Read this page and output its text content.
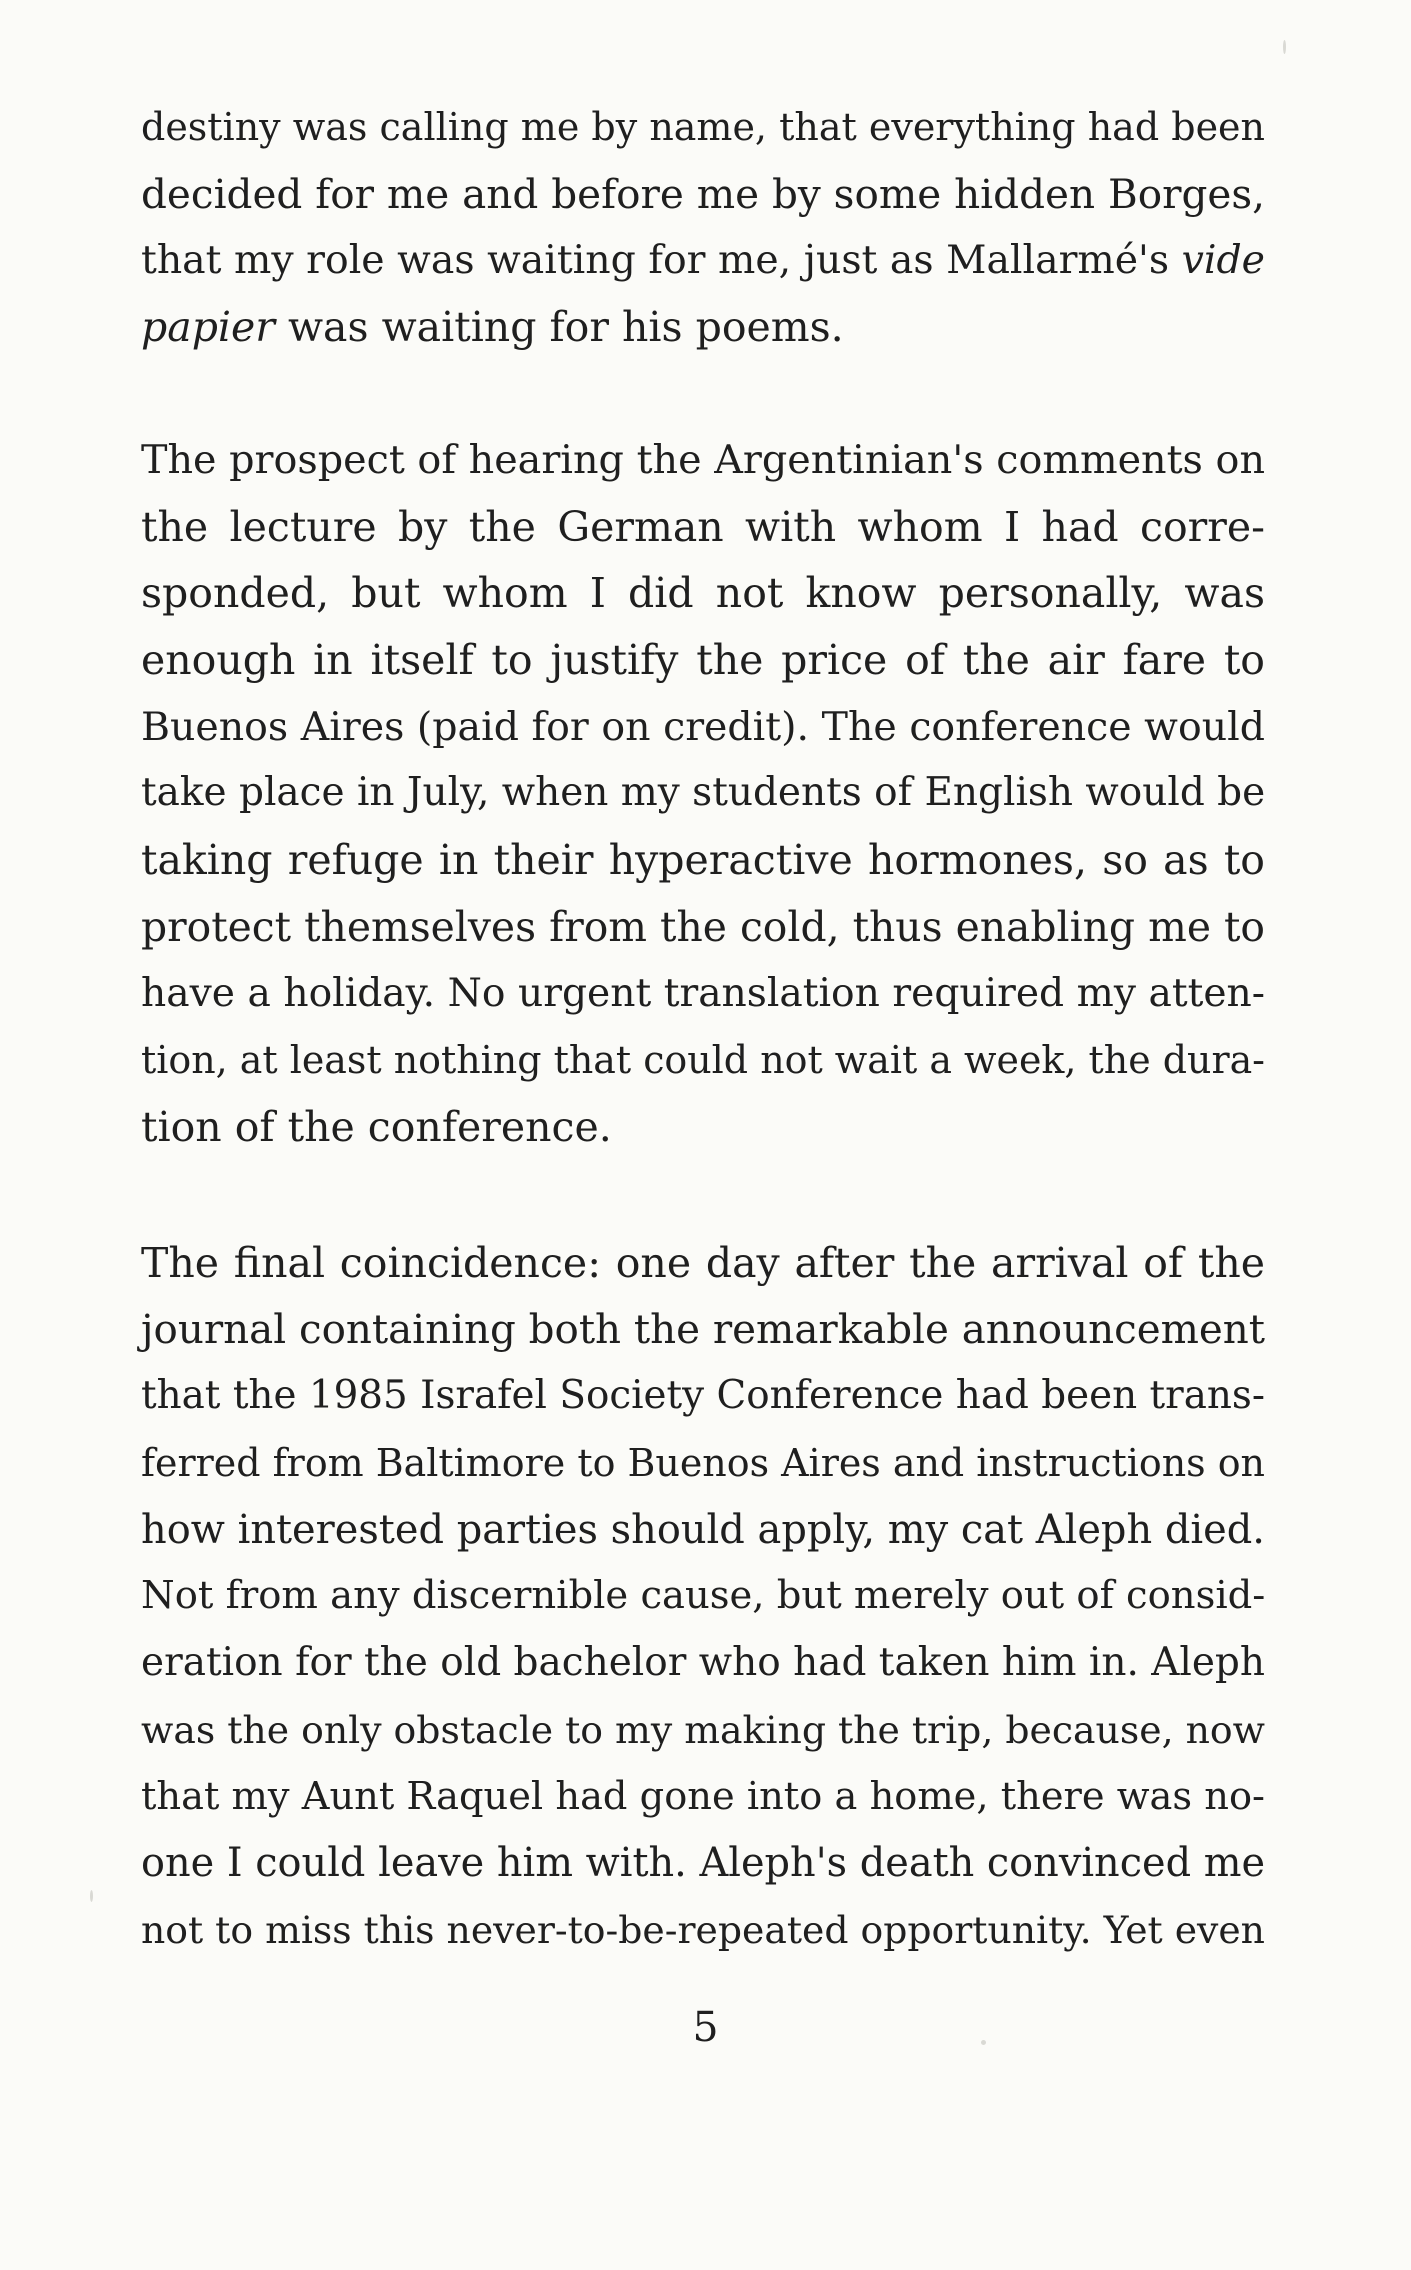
destiny was calling me by name, that everything had been
decided for me and before me by some hidden Borges,
that my role was waiting for me, just as Mallarmé's vide
papier was waiting for his poems.
The prospect of hearing the Argentinian's comments on
the lecture by the German with whom I had corre-
sponded, but whom I did not know personally, was
enough in itself to justify the price of the air fare to
Buenos Aires (paid for on credit). The conference would
take place in July, when my students of English would be
taking refuge in their hyperactive hormones, so as to
protect themselves from the cold, thus enabling me to
have a holiday. No urgent translation required my atten-
tion, at least nothing that could not wait a week, the dura-
tion of the conference.
The final coincidence: one day after the arrival of the
journal containing both the remarkable announcement
that the 1985 Israfel Society Conference had been trans-
ferred from Baltimore to Buenos Aires and instructions on
how interested parties should apply, my cat Aleph died.
Not from any discernible cause, but merely out of consid-
eration for the old bachelor who had taken him in. Aleph
was the only obstacle to my making the trip, because, now
that my Aunt Raquel had gone into a home, there was no-
one I could leave him with. Aleph's death convinced me
not to miss this never-to-be-repeated opportunity. Yet even
5
